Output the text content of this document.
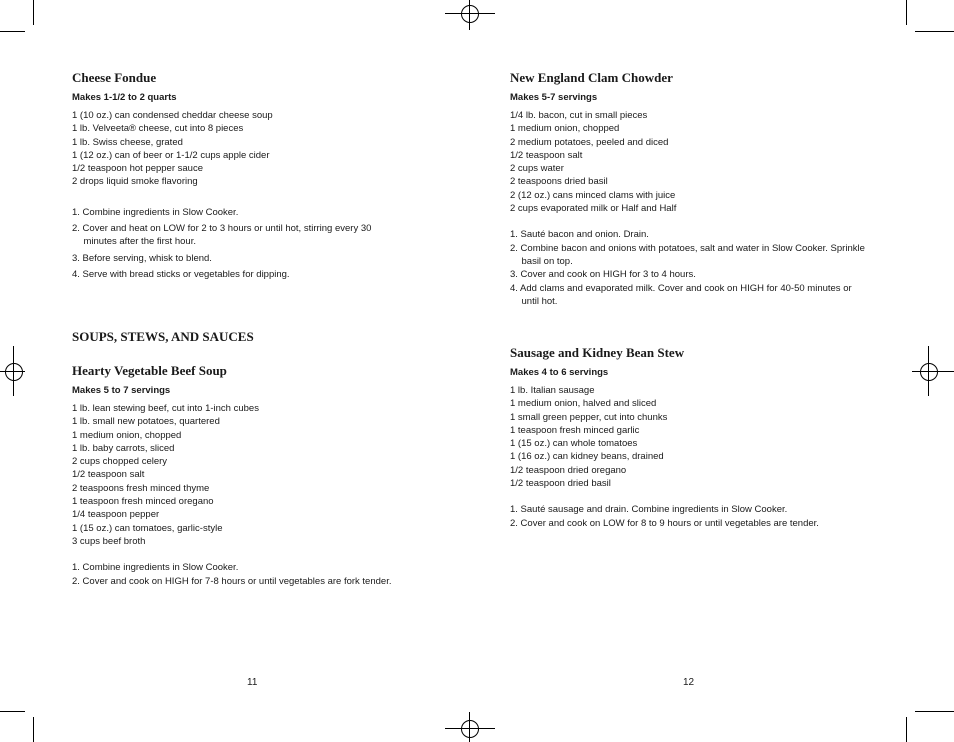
Cheese Fondue

Makes 1-1/2 to 2 quarts

1 (10 oz.) can condensed cheddar cheese soup
1 lb. Velveeta® cheese, cut into 8 pieces
1 lb. Swiss cheese, grated
1 (12 oz.) can of beer or 1-1/2 cups apple cider
1/2 teaspoon hot pepper sauce
2 drops liquid smoke flavoring
1. Combine ingredients in Slow Cooker.
2. Cover and heat on LOW for 2 to 3 hours or until hot, stirring every 30 minutes after the first hour.
3. Before serving, whisk to blend.
4. Serve with bread sticks or vegetables for dipping.
SOUPS, STEWS, AND SAUCES
Hearty Vegetable Beef Soup

Makes 5 to 7 servings

1 lb. lean stewing beef, cut into 1-inch cubes
1 lb. small new potatoes, quartered
1 medium onion, chopped
1 lb. baby carrots, sliced
2 cups chopped celery
1/2 teaspoon salt
2 teaspoons fresh minced thyme
1 teaspoon fresh minced oregano
1/4 teaspoon pepper
1 (15 oz.) can tomatoes, garlic-style
3 cups beef broth
1. Combine ingredients in Slow Cooker.
2. Cover and cook on HIGH for 7-8 hours or until vegetables are fork tender.
11
New England Clam Chowder

Makes 5-7 servings

1/4 lb. bacon, cut in small pieces
1 medium onion, chopped
2 medium potatoes, peeled and diced
1/2 teaspoon salt
2 cups water
2 teaspoons dried basil
2 (12 oz.) cans minced clams with juice
2 cups evaporated milk or Half and Half
1. Sauté bacon and onion. Drain.
2. Combine bacon and onions with potatoes, salt and water in Slow Cooker. Sprinkle basil on top.
3. Cover and cook on HIGH for 3 to 4 hours.
4. Add clams and evaporated milk. Cover and cook on HIGH for 40-50 minutes or until hot.
Sausage and Kidney Bean Stew

Makes 4 to 6 servings

1 lb. Italian sausage
1 medium onion, halved and sliced
1 small green pepper, cut into chunks
1 teaspoon fresh minced garlic
1 (15 oz.) can whole tomatoes
1 (16 oz.) can kidney beans, drained
1/2 teaspoon dried oregano
1/2 teaspoon dried basil
1. Sauté sausage and drain. Combine ingredients in Slow Cooker.
2. Cover and cook on LOW for 8 to 9 hours or until vegetables are tender.
12
